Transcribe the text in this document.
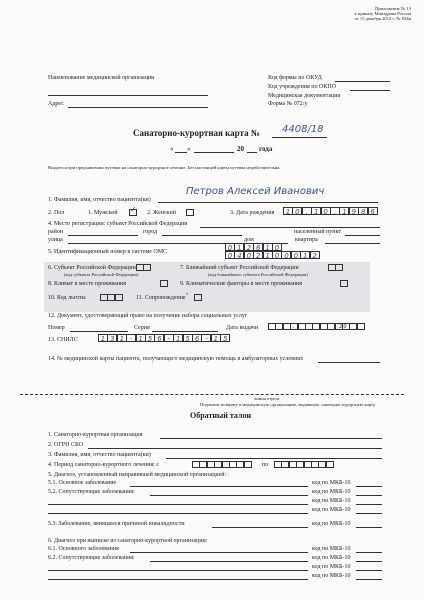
Приложение № 13
к приказу Минздрава России
от 15 декабря 2014 г. № 834н
Наименование медицинской организации
Адрес
Код формы по ОКУД
Код учреждения по ОКПО
Медицинская документация
Форма № 072/у
Санаторно-курортная карта № 4408/18
« »	20 года
Выдается при предъявлении путевки на санаторно-курортное лечение. Без настоящей карты путевка недействительна.
1. Фамилия, имя, отчество пациента(ки)
Петров Алексей Иванович
2. Пол	1. Мужской ✓ 2. Женский	3. Дата рождения	1 0 . 1 0 . 1 9 8 6
4. Место регистрации: субъект Российской Федерации
район	город	населенный пункт
улица	дом	квартира
5. Идентификационный номер в системе ОМС	0 1 2 6 1 0
0 4 0 2 1 0 0 0 1 2
6. Субъект Российской Федерации
(код субъекта Российской Федерации)
7. Ближайший субъект Российской Федерации
(код ближайшего субъекта Российской Федерации)
8. Климат в месте проживания	9. Климатические факторы в месте проживания
10. Код льготы	11. Сопровождение
*
12. Документ, удостоверяющий право на получение набора социальных услуг
Номер	Серия	Дата выдачи	.	2 0
13. СНИЛС	1 3 1 - 1 5 6 - 1 5 6 - 1 5
14. № медицинской карты пациента, получающего медицинскую помощь в амбулаторных условиях
линия отреза
Подлежит возврату в медицинскую организацию, выдавшую санаторно-курортную карту
Обратный талон
1. Санаторно-курортная организация
2. ОГРН СКО
3. Фамилия, имя, отчество пациента(ки)
4. Период санаторно-курортного лечения: с	по
5. Диагноз, установленный направившей медицинской организацией:
5.1. Основное заболевание	код по МКБ-10
5.2. Сопутствующие заболевания:	код по МКБ-10
код по МКБ-10
код по МКБ-10
5.3. Заболевание, явившееся причиной инвалидности	код по МКБ-10
6. Диагноз при выписке из санаторно-курортной организации:
6.1. Основного заболевания	код по МКБ-10
6.2. Сопутствующие заболевания:	код по МКБ-10
код по МКБ-10
код по МКБ-10
